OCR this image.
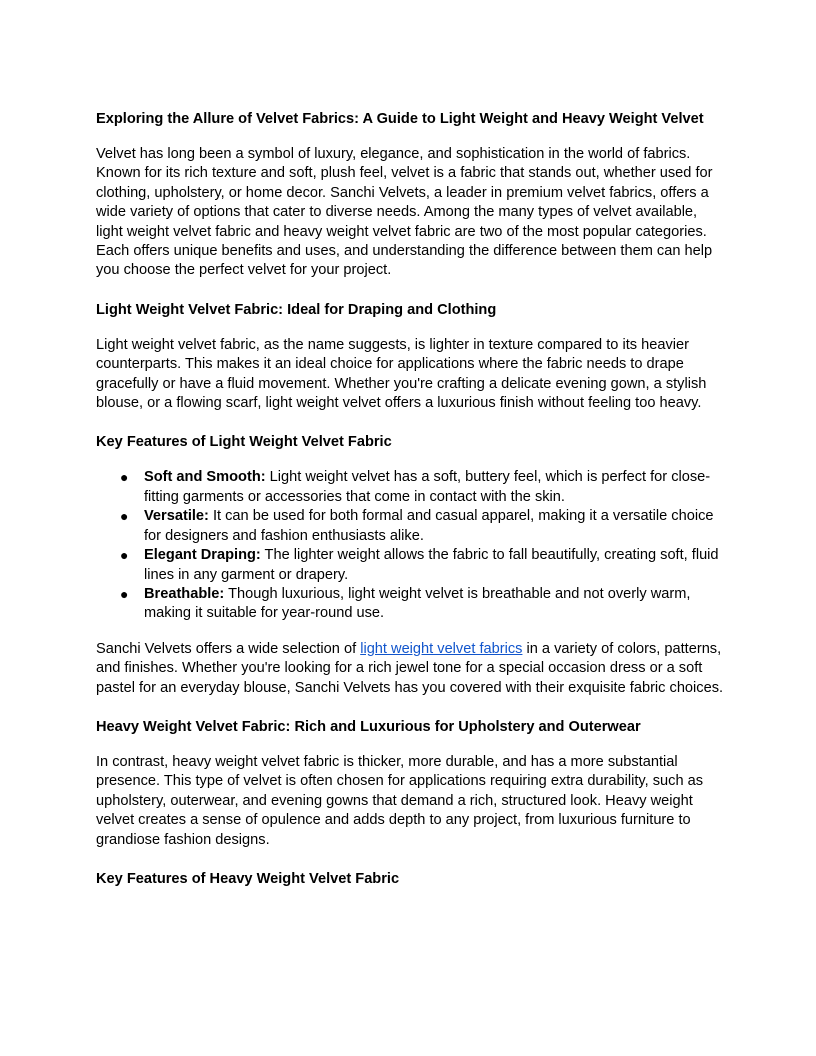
Exploring the Allure of Velvet Fabrics: A Guide to Light Weight and Heavy Weight Velvet

Velvet has long been a symbol of luxury, elegance, and sophistication in the world of fabrics. Known for its rich texture and soft, plush feel, velvet is a fabric that stands out, whether used for clothing, upholstery, or home decor. Sanchi Velvets, a leader in premium velvet fabrics, offers a wide variety of options that cater to diverse needs. Among the many types of velvet available, light weight velvet fabric and heavy weight velvet fabric are two of the most popular categories. Each offers unique benefits and uses, and understanding the difference between them can help you choose the perfect velvet for your project.

Light Weight Velvet Fabric: Ideal for Draping and Clothing

Light weight velvet fabric, as the name suggests, is lighter in texture compared to its heavier counterparts. This makes it an ideal choice for applications where the fabric needs to drape gracefully or have a fluid movement. Whether you're crafting a delicate evening gown, a stylish blouse, or a flowing scarf, light weight velvet offers a luxurious finish without feeling too heavy.

Key Features of Light Weight Velvet Fabric
● Soft and Smooth: Light weight velvet has a soft, buttery feel, which is perfect for close-fitting garments or accessories that come in contact with the skin.
● Versatile: It can be used for both formal and casual apparel, making it a versatile choice for designers and fashion enthusiasts alike.
● Elegant Draping: The lighter weight allows the fabric to fall beautifully, creating soft, fluid lines in any garment or drapery.
● Breathable: Though luxurious, light weight velvet is breathable and not overly warm, making it suitable for year-round use.

Sanchi Velvets offers a wide selection of light weight velvet fabrics in a variety of colors, patterns, and finishes. Whether you're looking for a rich jewel tone for a special occasion dress or a soft pastel for an everyday blouse, Sanchi Velvets has you covered with their exquisite fabric choices.

Heavy Weight Velvet Fabric: Rich and Luxurious for Upholstery and Outerwear

In contrast, heavy weight velvet fabric is thicker, more durable, and has a more substantial presence. This type of velvet is often chosen for applications requiring extra durability, such as upholstery, outerwear, and evening gowns that demand a rich, structured look. Heavy weight velvet creates a sense of opulence and adds depth to any project, from luxurious furniture to grandiose fashion designs.

Key Features of Heavy Weight Velvet Fabric
